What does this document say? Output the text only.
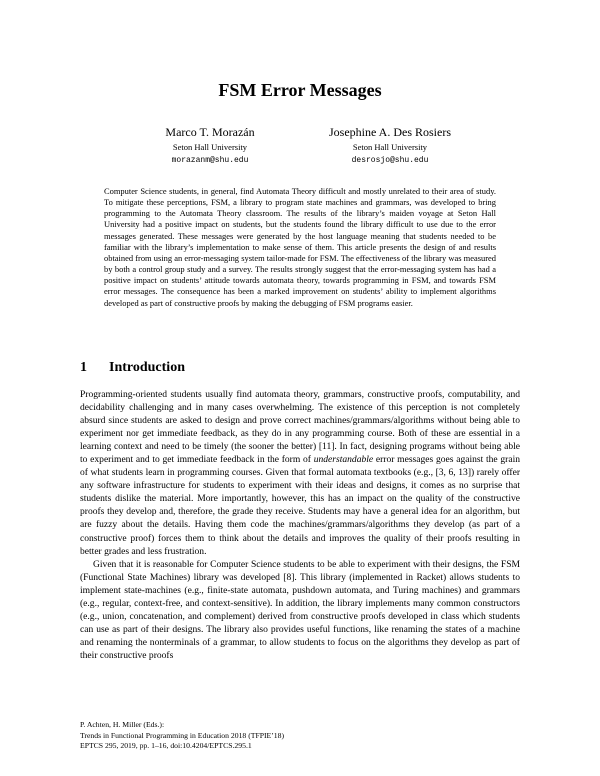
FSM Error Messages
Marco T. Morazán
Seton Hall University
morazanm@shu.edu
Josephine A. Des Rosiers
Seton Hall University
desrosjo@shu.edu

Computer Science students, in general, find Automata Theory difficult and mostly unrelated to their area of study. To mitigate these perceptions, FSM, a library to program state machines and grammars, was developed to bring programming to the Automata Theory classroom. The results of the library’s maiden voyage at Seton Hall University had a positive impact on students, but the students found the library difficult to use due to the error messages generated. These messages were generated by the host language meaning that students needed to be familiar with the library’s implementation to make sense of them. This article presents the design of and results obtained from using an error-messaging system tailor-made for FSM. The effectiveness of the library was measured by both a control group study and a survey. The results strongly suggest that the error-messaging system has had a positive impact on students’ attitude towards automata theory, towards programming in FSM, and towards FSM error messages. The consequence has been a marked improvement on students’ ability to implement algorithms developed as part of constructive proofs by making the debugging of FSM programs easier.

1 Introduction

Programming-oriented students usually find automata theory, grammars, constructive proofs, computability, and decidability challenging and in many cases overwhelming. The existence of this perception is not completely absurd since students are asked to design and prove correct machines/grammars/algorithms without being able to experiment nor get immediate feedback, as they do in any programming course. Both of these are essential in a learning context and need to be timely (the sooner the better) [11]. In fact, designing programs without being able to experiment and to get immediate feedback in the form of understandable error messages goes against the grain of what students learn in programming courses. Given that formal automata textbooks (e.g., [3, 6, 13]) rarely offer any software infrastructure for students to experiment with their ideas and designs, it comes as no surprise that students dislike the material. More importantly, however, this has an impact on the quality of the constructive proofs they develop and, therefore, the grade they receive. Students may have a general idea for an algorithm, but are fuzzy about the details. Having them code the machines/grammars/algorithms they develop (as part of a constructive proof) forces them to think about the details and improves the quality of their proofs resulting in better grades and less frustration.

Given that it is reasonable for Computer Science students to be able to experiment with their designs, the FSM (Functional State Machines) library was developed [8]. This library (implemented in Racket) allows students to implement state-machines (e.g., finite-state automata, pushdown automata, and Turing machines) and grammars (e.g., regular, context-free, and context-sensitive). In addition, the library implements many common constructors (e.g., union, concatenation, and complement) derived from constructive proofs developed in class which students can use as part of their designs. The library also provides useful functions, like renaming the states of a machine and renaming the nonterminals of a grammar, to allow students to focus on the algorithms they develop as part of their constructive proofs

P. Achten, H. Miller (Eds.):
Trends in Functional Programming in Education 2018 (TFPIE’18)
EPTCS 295, 2019, pp. 1–16, doi:10.4204/EPTCS.295.1
